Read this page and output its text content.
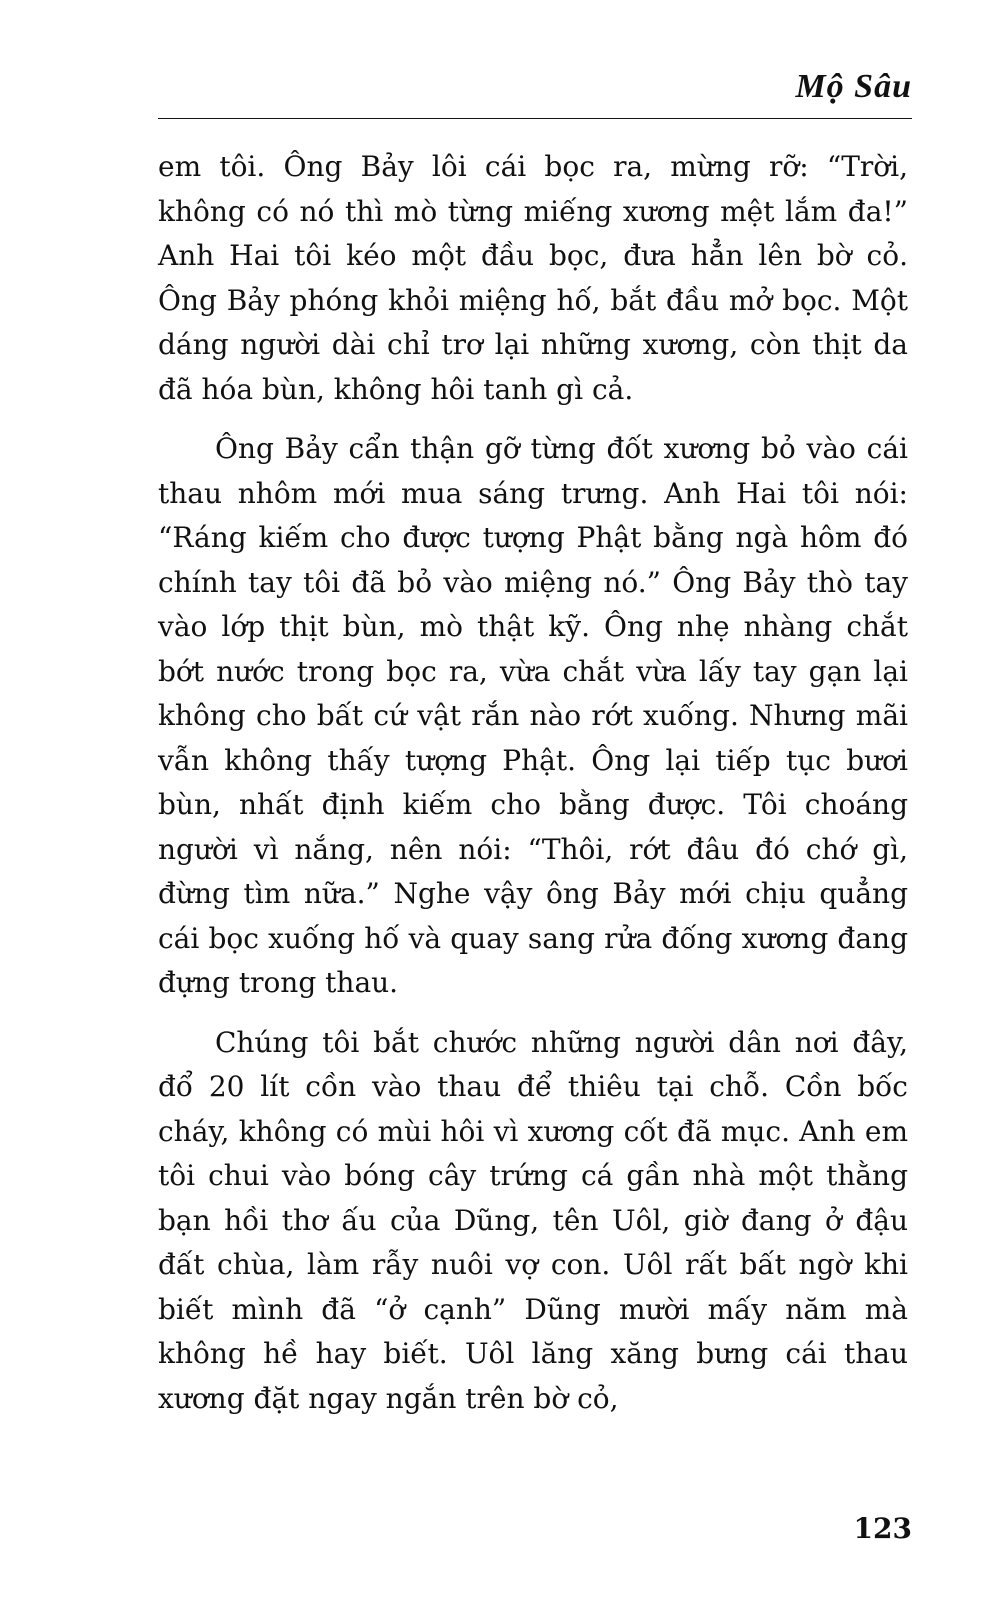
Mộ Sâu

em tôi. Ông Bảy lôi cái bọc ra, mừng rỡ: “Trời, không có nó thì mò từng miếng xương mệt lắm đa!” Anh Hai tôi kéo một đầu bọc, đưa hẳn lên bờ cỏ. Ông Bảy phóng khỏi miệng hố, bắt đầu mở bọc. Một dáng người dài chỉ trơ lại những xương, còn thịt da đã hóa bùn, không hôi tanh gì cả.

Ông Bảy cẩn thận gỡ từng đốt xương bỏ vào cái thau nhôm mới mua sáng trưng. Anh Hai tôi nói: “Ráng kiếm cho được tượng Phật bằng ngà hôm đó chính tay tôi đã bỏ vào miệng nó.” Ông Bảy thò tay vào lớp thịt bùn, mò thật kỹ. Ông nhẹ nhàng chắt bớt nước trong bọc ra, vừa chắt vừa lấy tay gạn lại không cho bất cứ vật rắn nào rớt xuống. Nhưng mãi vẫn không thấy tượng Phật. Ông lại tiếp tục bươi bùn, nhất định kiếm cho bằng được. Tôi choáng người vì nắng, nên nói: “Thôi, rớt đâu đó chớ gì, đừng tìm nữa.” Nghe vậy ông Bảy mới chịu quẳng cái bọc xuống hố và quay sang rửa đống xương đang đựng trong thau.

Chúng tôi bắt chước những người dân nơi đây, đổ 20 lít cồn vào thau để thiêu tại chỗ. Cồn bốc cháy, không có mùi hôi vì xương cốt đã mục. Anh em tôi chui vào bóng cây trứng cá gần nhà một thằng bạn hồi thơ ấu của Dũng, tên Uôl, giờ đang ở đậu đất chùa, làm rẫy nuôi vợ con. Uôl rất bất ngờ khi biết mình đã “ở cạnh” Dũng mười mấy năm mà không hề hay biết. Uôl lăng xăng bưng cái thau xương đặt ngay ngắn trên bờ cỏ,

123
